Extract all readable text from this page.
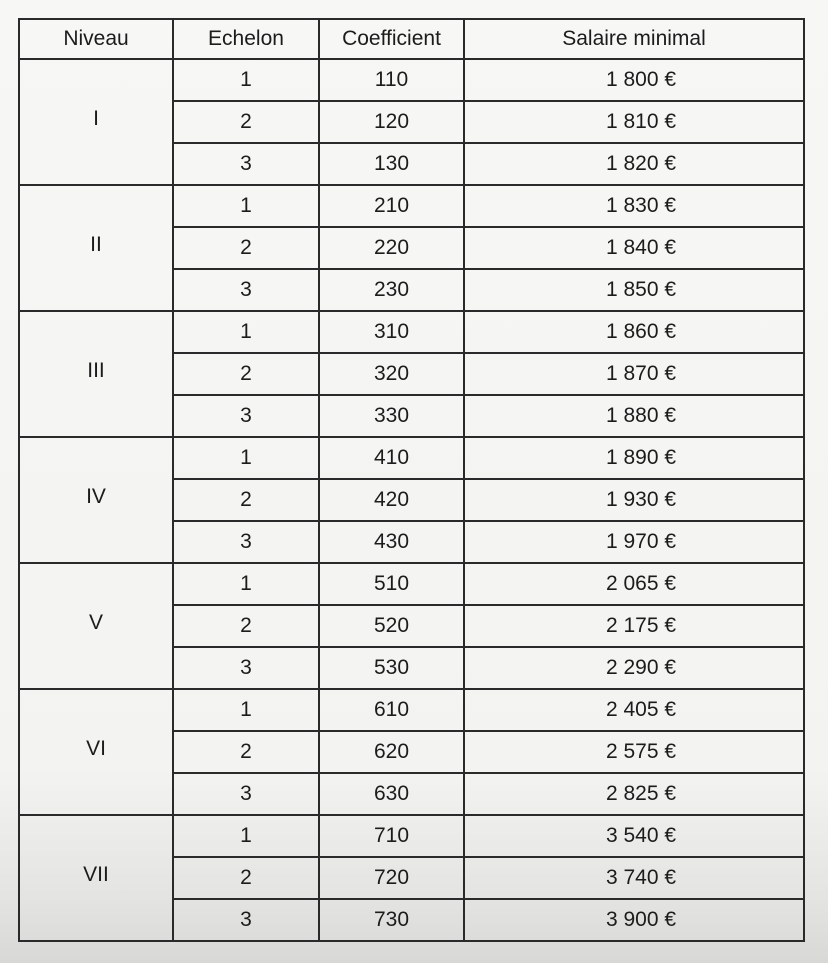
Niveau	Echelon	Coefficient	Salaire minimal
I	1	110	1 800 €
	2	120	1 810 €
	3	130	1 820 €
II	1	210	1 830 €
	2	220	1 840 €
	3	230	1 850 €
III	1	310	1 860 €
	2	320	1 870 €
	3	330	1 880 €
IV	1	410	1 890 €
	2	420	1 930 €
	3	430	1 970 €
V	1	510	2 065 €
	2	520	2 175 €
	3	530	2 290 €
VI	1	610	2 405 €
	2	620	2 575 €
	3	630	2 825 €
VII	1	710	3 540 €
	2	720	3 740 €
	3	730	3 900 €
